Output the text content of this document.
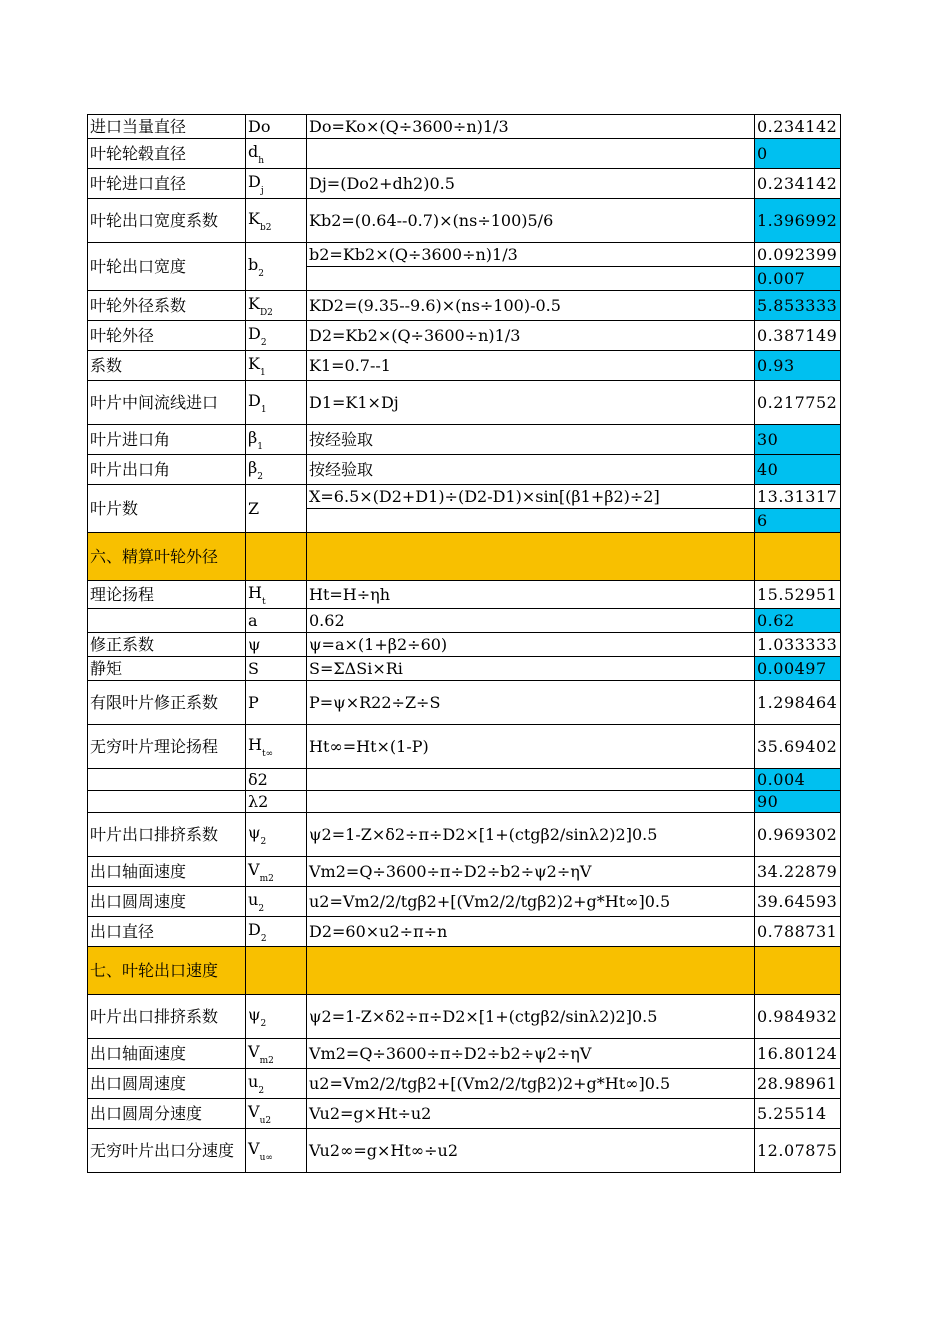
进口当量直径	Do	Do=Ko×(Q÷3600÷n)1/3	0.234142
叶轮轮毂直径	$d_h$		0
叶轮进口直径	$D_j$	Dj=(Do2+dh2)0.5	0.234142
叶轮出口宽度系数	$K_{b2}$	Kb2=(0.64--0.7)×(ns÷100)5/6	1.396992
叶轮出口宽度	$b_2$	b2=Kb2×(Q÷3600÷n)1/3	0.092399
			0.007
叶轮外径系数	$K_{D2}$	KD2=(9.35--9.6)×(ns÷100)-0.5	5.853333
叶轮外径	$D_2$	D2=Kb2×(Q÷3600÷n)1/3	0.387149
系数	$K_1$	K1=0.7--1	0.93
叶片中间流线进口	$D_1$	D1=K1×Dj	0.217752
叶片进口角	$\beta_1$	按经验取	30
叶片出口角	$\beta_2$	按经验取	40
叶片数	Z	X=6.5×(D2+D1)÷(D2-D1)×sin[(β1+β2)÷2]	13.31317
			6
六、精算叶轮外径			
理论扬程	$H_t$	Ht=H÷ηh	15.52951
	a	0.62	0.62
修正系数	ψ	ψ=a×(1+β2÷60)	1.033333
静矩	S	S=ΣΔSi×Ri	0.00497
有限叶片修正系数	P	P=ψ×R22÷Z÷S	1.298464
无穷叶片理论扬程	$H_{t\infty}$	Ht∞=Ht×(1-P)	35.69402
	δ2		0.004
	λ2		90
叶片出口排挤系数	$\psi_2$	ψ2=1-Z×δ2÷π÷D2×[1+(ctgβ2/sinλ2)2]0.5	0.969302
出口轴面速度	$V_{m2}$	Vm2=Q÷3600÷π÷D2÷b2÷ψ2÷ηV	34.22879
出口圆周速度	$u_2$	u2=Vm2/2/tgβ2+[(Vm2/2/tgβ2)2+g*Ht∞]0.5	39.64593
出口直径	$D_2$	D2=60×u2÷π÷n	0.788731
七、叶轮出口速度			
叶片出口排挤系数	$\psi_2$	ψ2=1-Z×δ2÷π÷D2×[1+(ctgβ2/sinλ2)2]0.5	0.984932
出口轴面速度	$V_{m2}$	Vm2=Q÷3600÷π÷D2÷b2÷ψ2÷ηV	16.80124
出口圆周速度	$u_2$	u2=Vm2/2/tgβ2+[(Vm2/2/tgβ2)2+g*Ht∞]0.5	28.98961
出口圆周分速度	$V_{u2}$	Vu2=g×Ht÷u2	5.25514
无穷叶片出口分速度	$V_{u\infty}$	Vu2∞=g×Ht∞÷u2	12.07875
